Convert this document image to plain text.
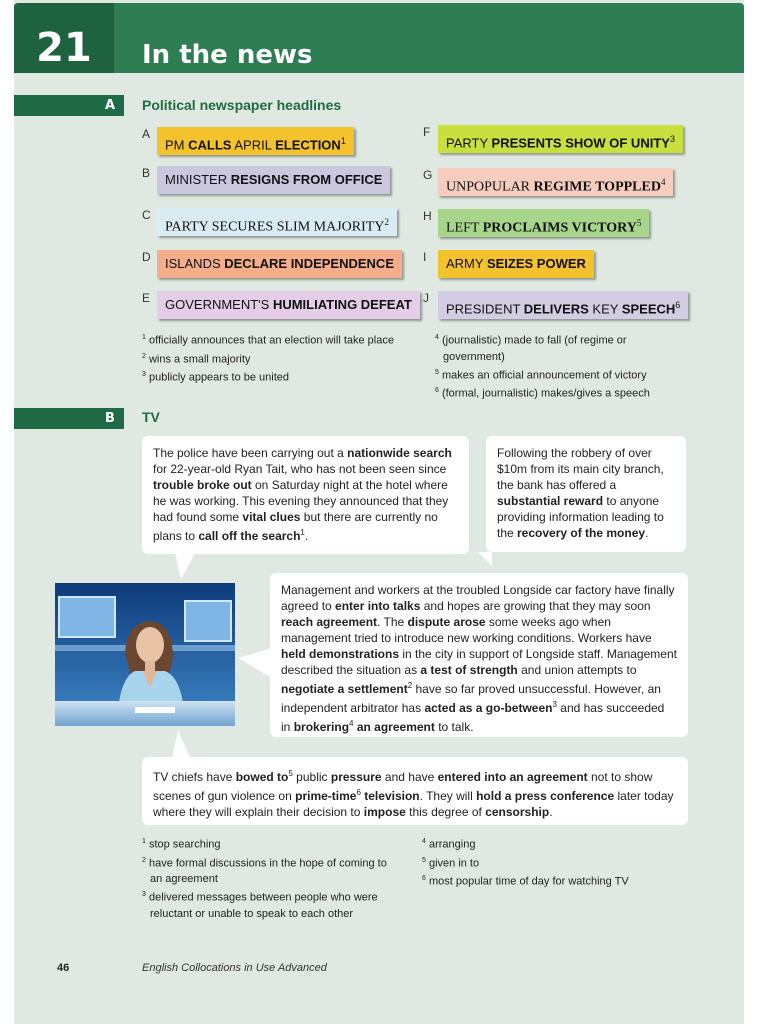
21	In the news
A	Political newspaper headlines
A
PM CALLS APRIL ELECTION$^1$
B	MINISTER RESIGNS FROM OFFICE
C
PARTY SECURES SLIM MAJORITY$^2$
D	ISLANDS DECLARE INDEPENDENCE
E	GOVERNMENT'S HUMILIATING DEFEAT
F
PARTY PRESENTS SHOW OF UNITY$^3$
G
UNPOPULAR REGIME TOPPLED$^4$
H
LEFT PROCLAIMS VICTORY$^5$
I	ARMY SEIZES POWER
J
PRESIDENT DELIVERS KEY SPEECH$^6$
$^1$ officially announces that an election will take place
$^2$ wins a small majority
$^3$ publicly appears to be united
$^4$ (journalistic) made to fall (of regime or government)
$^5$ makes an official announcement of victory
$^6$ (formal, journalistic) makes/gives a speech
B	TV
The police have been carrying out a nationwide search for 22-year-old Ryan Tait, who has not been seen since trouble broke out on Saturday night at the hotel where he was working. This evening they announced that they had found some vital clues but there are currently no plans to call off the search$^1$.
Following the robbery of over $10m from its main city branch, the bank has offered a substantial reward to anyone providing information leading to the recovery of the money.
Management and workers at the troubled Longside car factory have finally agreed to enter into talks and hopes are growing that they may soon reach agreement. The dispute arose some weeks ago when management tried to introduce new working conditions. Workers have held demonstrations in the city in support of Longside staff. Management described the situation as a test of strength and union attempts to negotiate a settlement$^2$ have so far proved unsuccessful. However, an independent arbitrator has acted as a go-between$^3$ and has succeeded in brokering$^4$ an agreement to talk.
TV chiefs have bowed $to^5$ public pressure and have entered into an agreement not to show scenes of gun violence on prime-time$^6$ television. They will hold a press conference later today where they will explain their decision to impose this degree of censorship.
$^1$ stop searching
$^2$ have formal discussions in the hope of coming to an agreement
$^3$ delivered messages between people who were reluctant or unable to speak to each other
$^4$ arranging
$^5$ given in to
$^6$ most popular time of day for watching TV
46	English Collocations in Use Advanced
